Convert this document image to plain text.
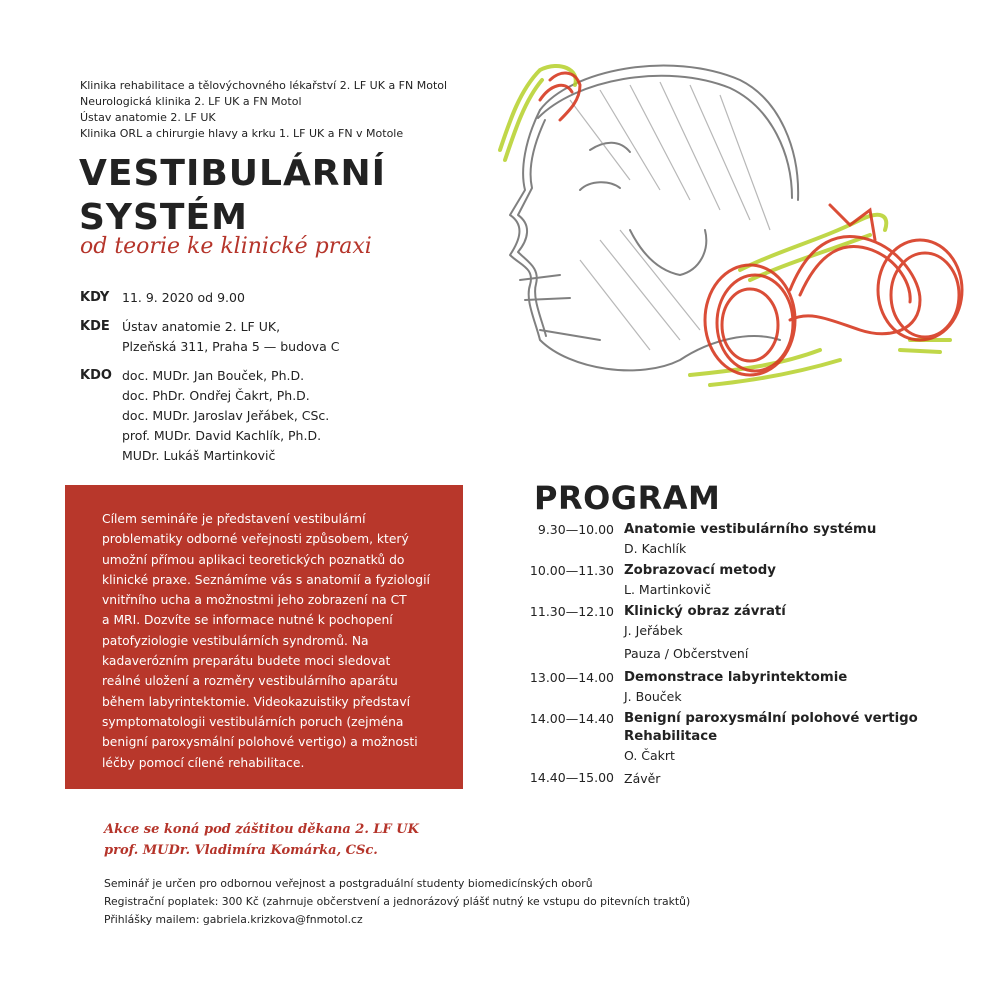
Klinika rehabilitace a tělovýchovného lékařství 2. LF UK a FN Motol
Neurologická klinika 2. LF UK a FN Motol
Ústav anatomie 2. LF UK
Klinika ORL a chirurgie hlavy a krku 1. LF UK a FN v Motole
VESTIBULÁRNÍ
SYSTÉM
od teorie ke klinické praxi
KDY	11. 9. 2020 od 9.00
KDE Ústav anatomie 2. LF UK,
Plzeňská 311, Praha 5 — budova C
KDO doc. MUDr. Jan Bouček, Ph.D.
doc. PhDr. Ondřej Čakrt, Ph.D.
doc. MUDr. Jaroslav Jeřábek, CSc.
prof. MUDr. David Kachlík, Ph.D.
MUDr. Lukáš Martinkovič
Cílem semináře je představení vestibulární
problematiky odborné veřejnosti způsobem, který
umožní přímou aplikaci teoretických poznatků do
klinické praxe. Seznámíme vás s anatomií a fyziologií
vnitřního ucha a možnostmi jeho zobrazení na CT
a MRI. Dozvíte se informace nutné k pochopení
patofyziologie vestibulárních syndromů. Na
kadaverózním preparátu budete moci sledovat
reálné uložení a rozměry vestibulárního aparátu
během labyrintektomie. Videokazuistiky představí
symptomatologii vestibulárních poruch (zejména
benigní paroxysmální polohové vertigo) a možnosti
léčby pomocí cílené rehabilitace.
PROGRAM
9.30—10.00 Anatomie vestibulárního systému
D. Kachlík
10.00—11.30 Zobrazovací metody
L. Martinkovič
11.30—12.10 Klinický obraz závratí
J. Jeřábek
Pauza / Občerstvení
13.00—14.00 Demonstrace labyrintektomie
J. Bouček
14.00—14.40 Benigní paroxysmální polohové vertigo
Rehabilitace
O. Čakrt
14.40—15.00 Závěr
Akce se koná pod záštitou děkana 2. LF UK
prof. MUDr. Vladimíra Komárka, CSc.
Seminář je určen pro odbornou veřejnost a postgraduální studenty biomedicínských oborů
Registrační poplatek: 300 Kč (zahrnuje občerstvení a jednorázový plášť nutný ke vstupu do pitevních traktů)
Přihlášky mailem: gabriela.krizkova@fnmotol.cz
